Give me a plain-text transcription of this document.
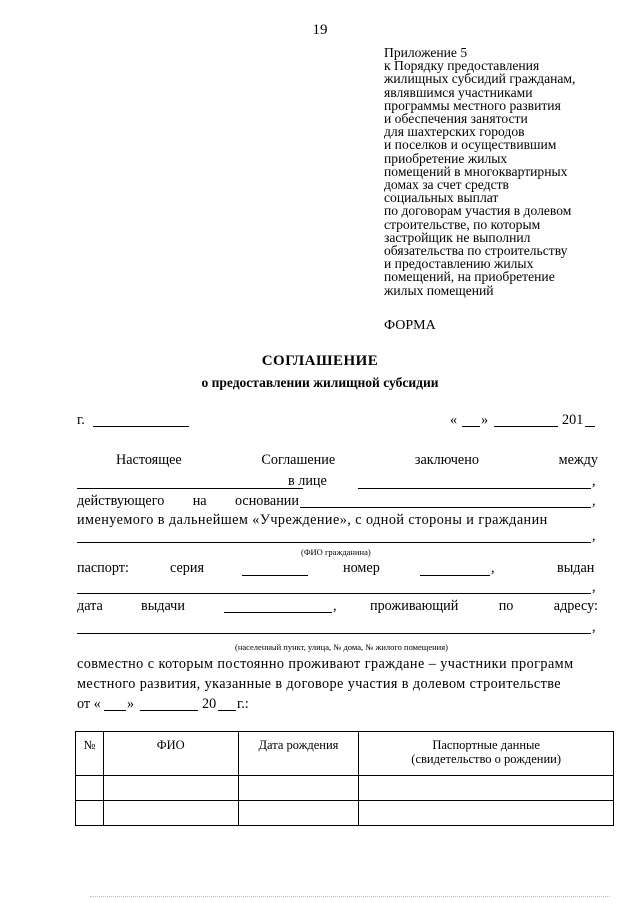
19
Приложение 5
к Порядку предоставления
жилищных субсидий гражданам,
являвшимся участниками
программы местного развития
и обеспечения занятости
для шахтерских городов
и поселков и осуществившим
приобретение жилых
помещений в многоквартирных
домах за счет средств
социальных выплат
по договорам участия в долевом
строительстве, по которым
застройщик не выполнил
обязательства по строительству
и предоставлению жилых
помещений, на приобретение
жилых помещений
ФОРМА
СОГЛАШЕНИЕ
о предоставлении жилищной субсидии
г.	« »	201
Настоящее	Соглашение	заключено	между
в лице	,
действующего на основании	,
именуемого в дальнейшем «Учреждение», с одной стороны и гражданин
,
(ФИО гражданина)
паспорт:	серия	номер	,	выдан
,
дата	выдачи	, проживающий	по	адресу:
,
(населенный пункт, улица, № дома, № жилого помещения)
совместно с которым постоянно проживают граждане – участники программ
местного развития, указанные в договоре участия в долевом строительстве
от « »	20 г.:
№	ФИО	Дата рождения	Паспортные данные (свидетельство о рождении)
